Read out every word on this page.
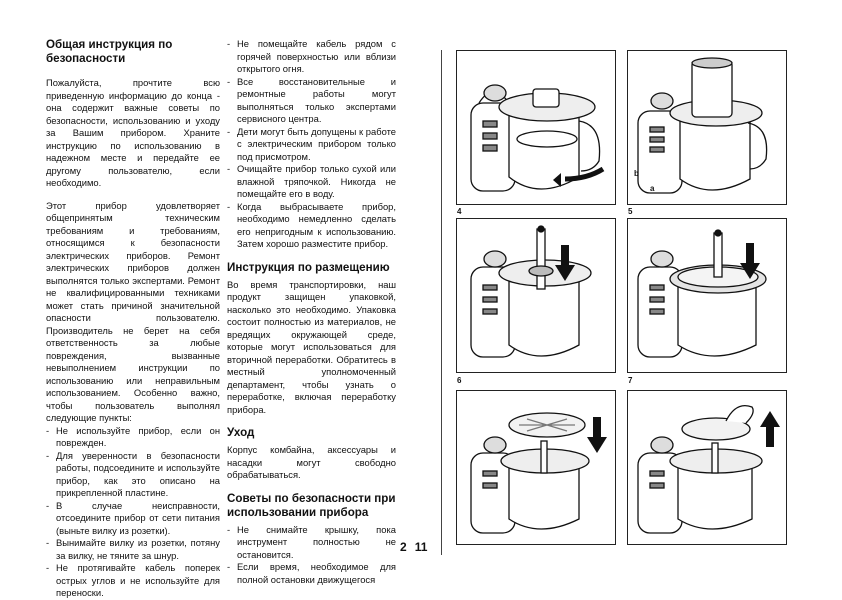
Общая инструкция по безопасности
Пожалуйста, прочтите всю приведенную информацию до конца - она содержит важные советы по безопасности, использованию и уходу за Вашим прибором. Храните инструкцию по использованию в надежном месте и передайте ее другому пользователю, если необходимо.
Этот прибор удовлетворяет общепринятым техническим требованиям и требованиям, относящимся к безопасности электрических приборов. Ремонт электрических приборов должен выполнятся только экспертами. Ремонт не квалифицированными техниками может стать причиной значительной опасности пользователю. Производитель не берет на себя ответственность за любые повреждения, вызванные невыполнением инструкции по использованию или неправильным использованием. Особенно важно, чтобы пользователь выполнял следующие пункты:
- Не используйте прибор, если он поврежден.
- Для уверенности в безопасности работы, подсоедините и используйте прибор, как это описано на прикрепленной пластине.
- В случае неисправности, отсоедините прибор от сети питания (выньте вилку из розетки).
- Вынимайте вилку из розетки, потяну за вилку, не тяните за шнур.
- Не протягивайте кабель поперек острых углов и не используйте для переноски.
- Не помещайте кабель рядом с горячей поверхностью или вблизи открытого огня.
- Все восстановительные и ремонтные работы могут выполняться только экспертами сервисного центра.
- Дети могут быть допущены к работе с электрическим прибором только под присмотром.
- Очищайте прибор только сухой или влажной тряпочкой. Никогда не помещайте его в воду.
- Когда выбрасываете прибор, необходимо немедленно сделать его непригодным к использованию. Затем хорошо разместите прибор.
Инструкция по размещению
Во время транспортировки, наш продукт защищен упаковкой, насколько это необходимо. Упаковка состоит полностью из материалов, не вредящих окружающей среде, которые могут использоваться для вторичной переработки. Обратитесь в местный уполномоченный департамент, чтобы узнать о переработке, включая переработку прибора.
Уход
Корпус комбайна, аксессуары и насадки могут свободно обрабатываться.
Советы по безопасности при использовании прибора
- Не снимайте крышку, пока инструмент полностью не остановится.
- Если время, необходимое для полной остановки движущегося
2 11
b
a
4	5
6	7
